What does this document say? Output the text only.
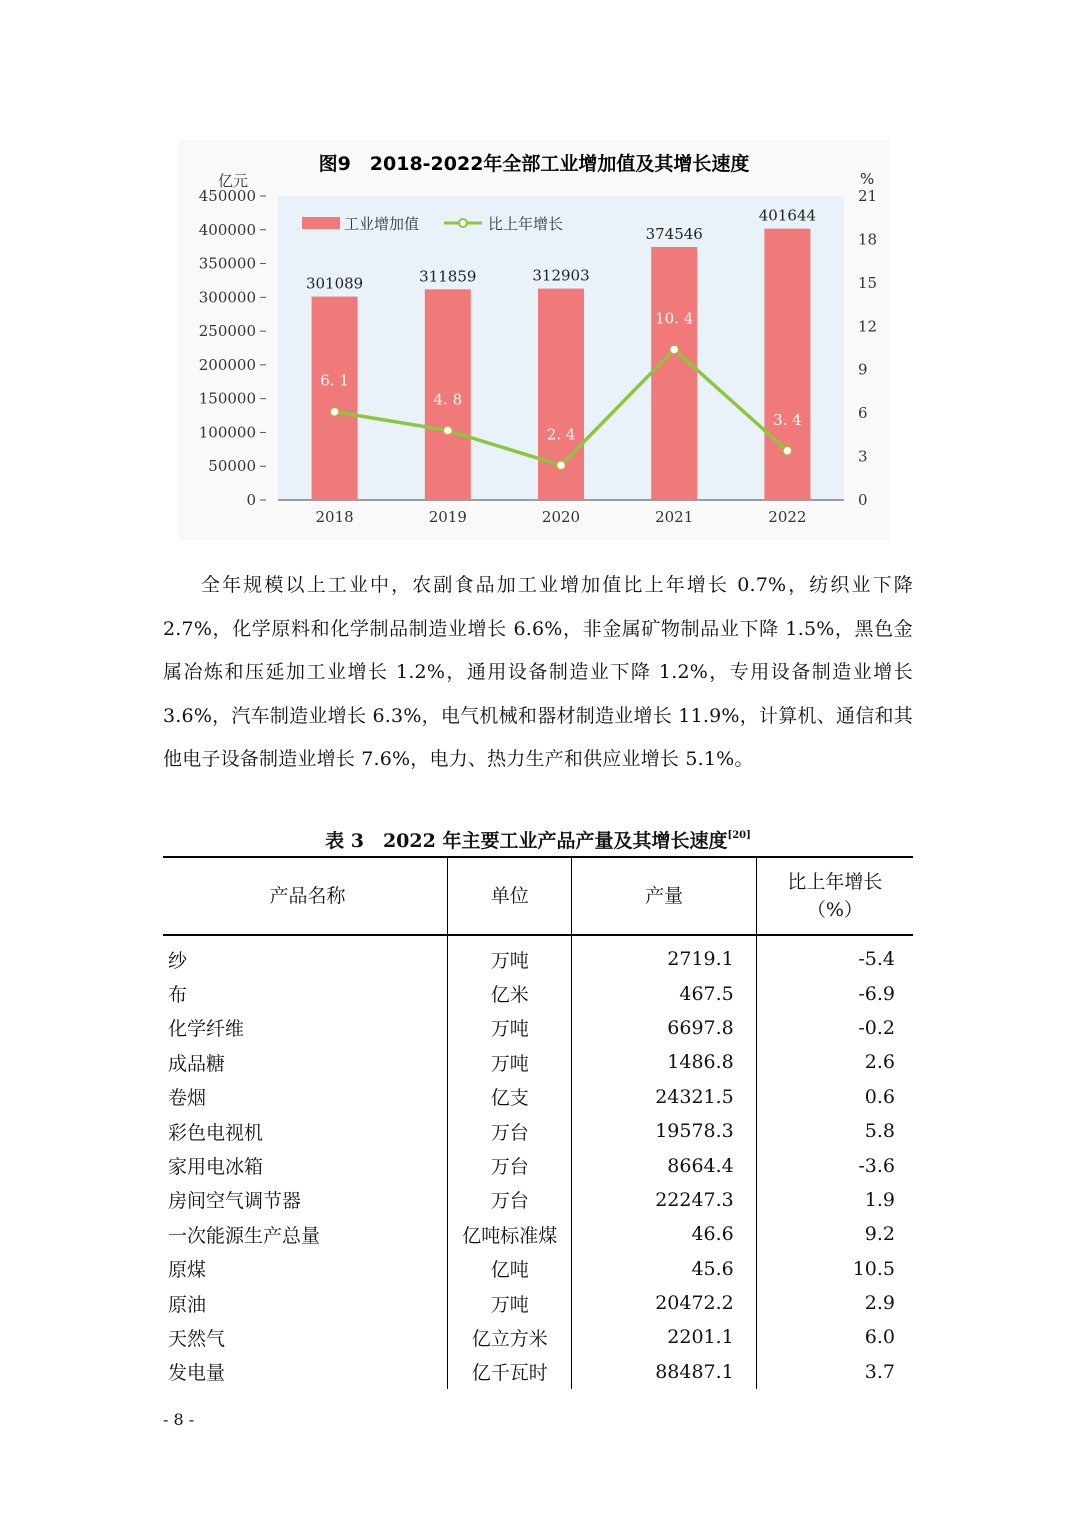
图9　2018-2022年全部工业增加值及其增长速度
亿元	%
450000
400000
350000
300000
250000
200000
150000
100000
50000
0
21
18
15
12
9
6
3
0
301089	311859	312903
374546
401644
2018	2019	2020	2021	2022
6. 1
4. 8
2. 4
10. 4
3. 4
工业增加值	比上年增长
全年规模以上工业中，农副食品加工业增加值比上年增长 0.7%，纺织业下降 2.7%，化学原料和化学制品制造业增长 6.6%，非金属矿物制品业下降 1.5%，黑色金属冶炼和压延加工业增长 1.2%，通用设备制造业下降 1.2%，专用设备制造业增长 3.6%，汽车制造业增长 6.3%，电气机械和器材制造业增长 11.9%，计算机、通信和其他电子设备制造业增长 7.6%，电力、热力生产和供应业增长 5.1%。
表 3　2022 年主要工业产品产量及其增长速度[20]
产品名称	单位	产量	比上年增长
（%）
纱	万吨	2719.1	-5.4
布	亿米	467.5	-6.9
化学纤维	万吨	6697.8	-0.2
成品糖	万吨	1486.8	2.6
卷烟	亿支	24321.5	0.6
彩色电视机	万台	19578.3	5.8
家用电冰箱	万台	8664.4	-3.6
房间空气调节器	万台	22247.3	1.9
一次能源生产总量	亿吨标准煤	46.6	9.2
原煤	亿吨	45.6	10.5
原油	万吨	20472.2	2.9
天然气	亿立方米	2201.1	6.0
发电量	亿千瓦时	88487.1	3.7
- 8 -
